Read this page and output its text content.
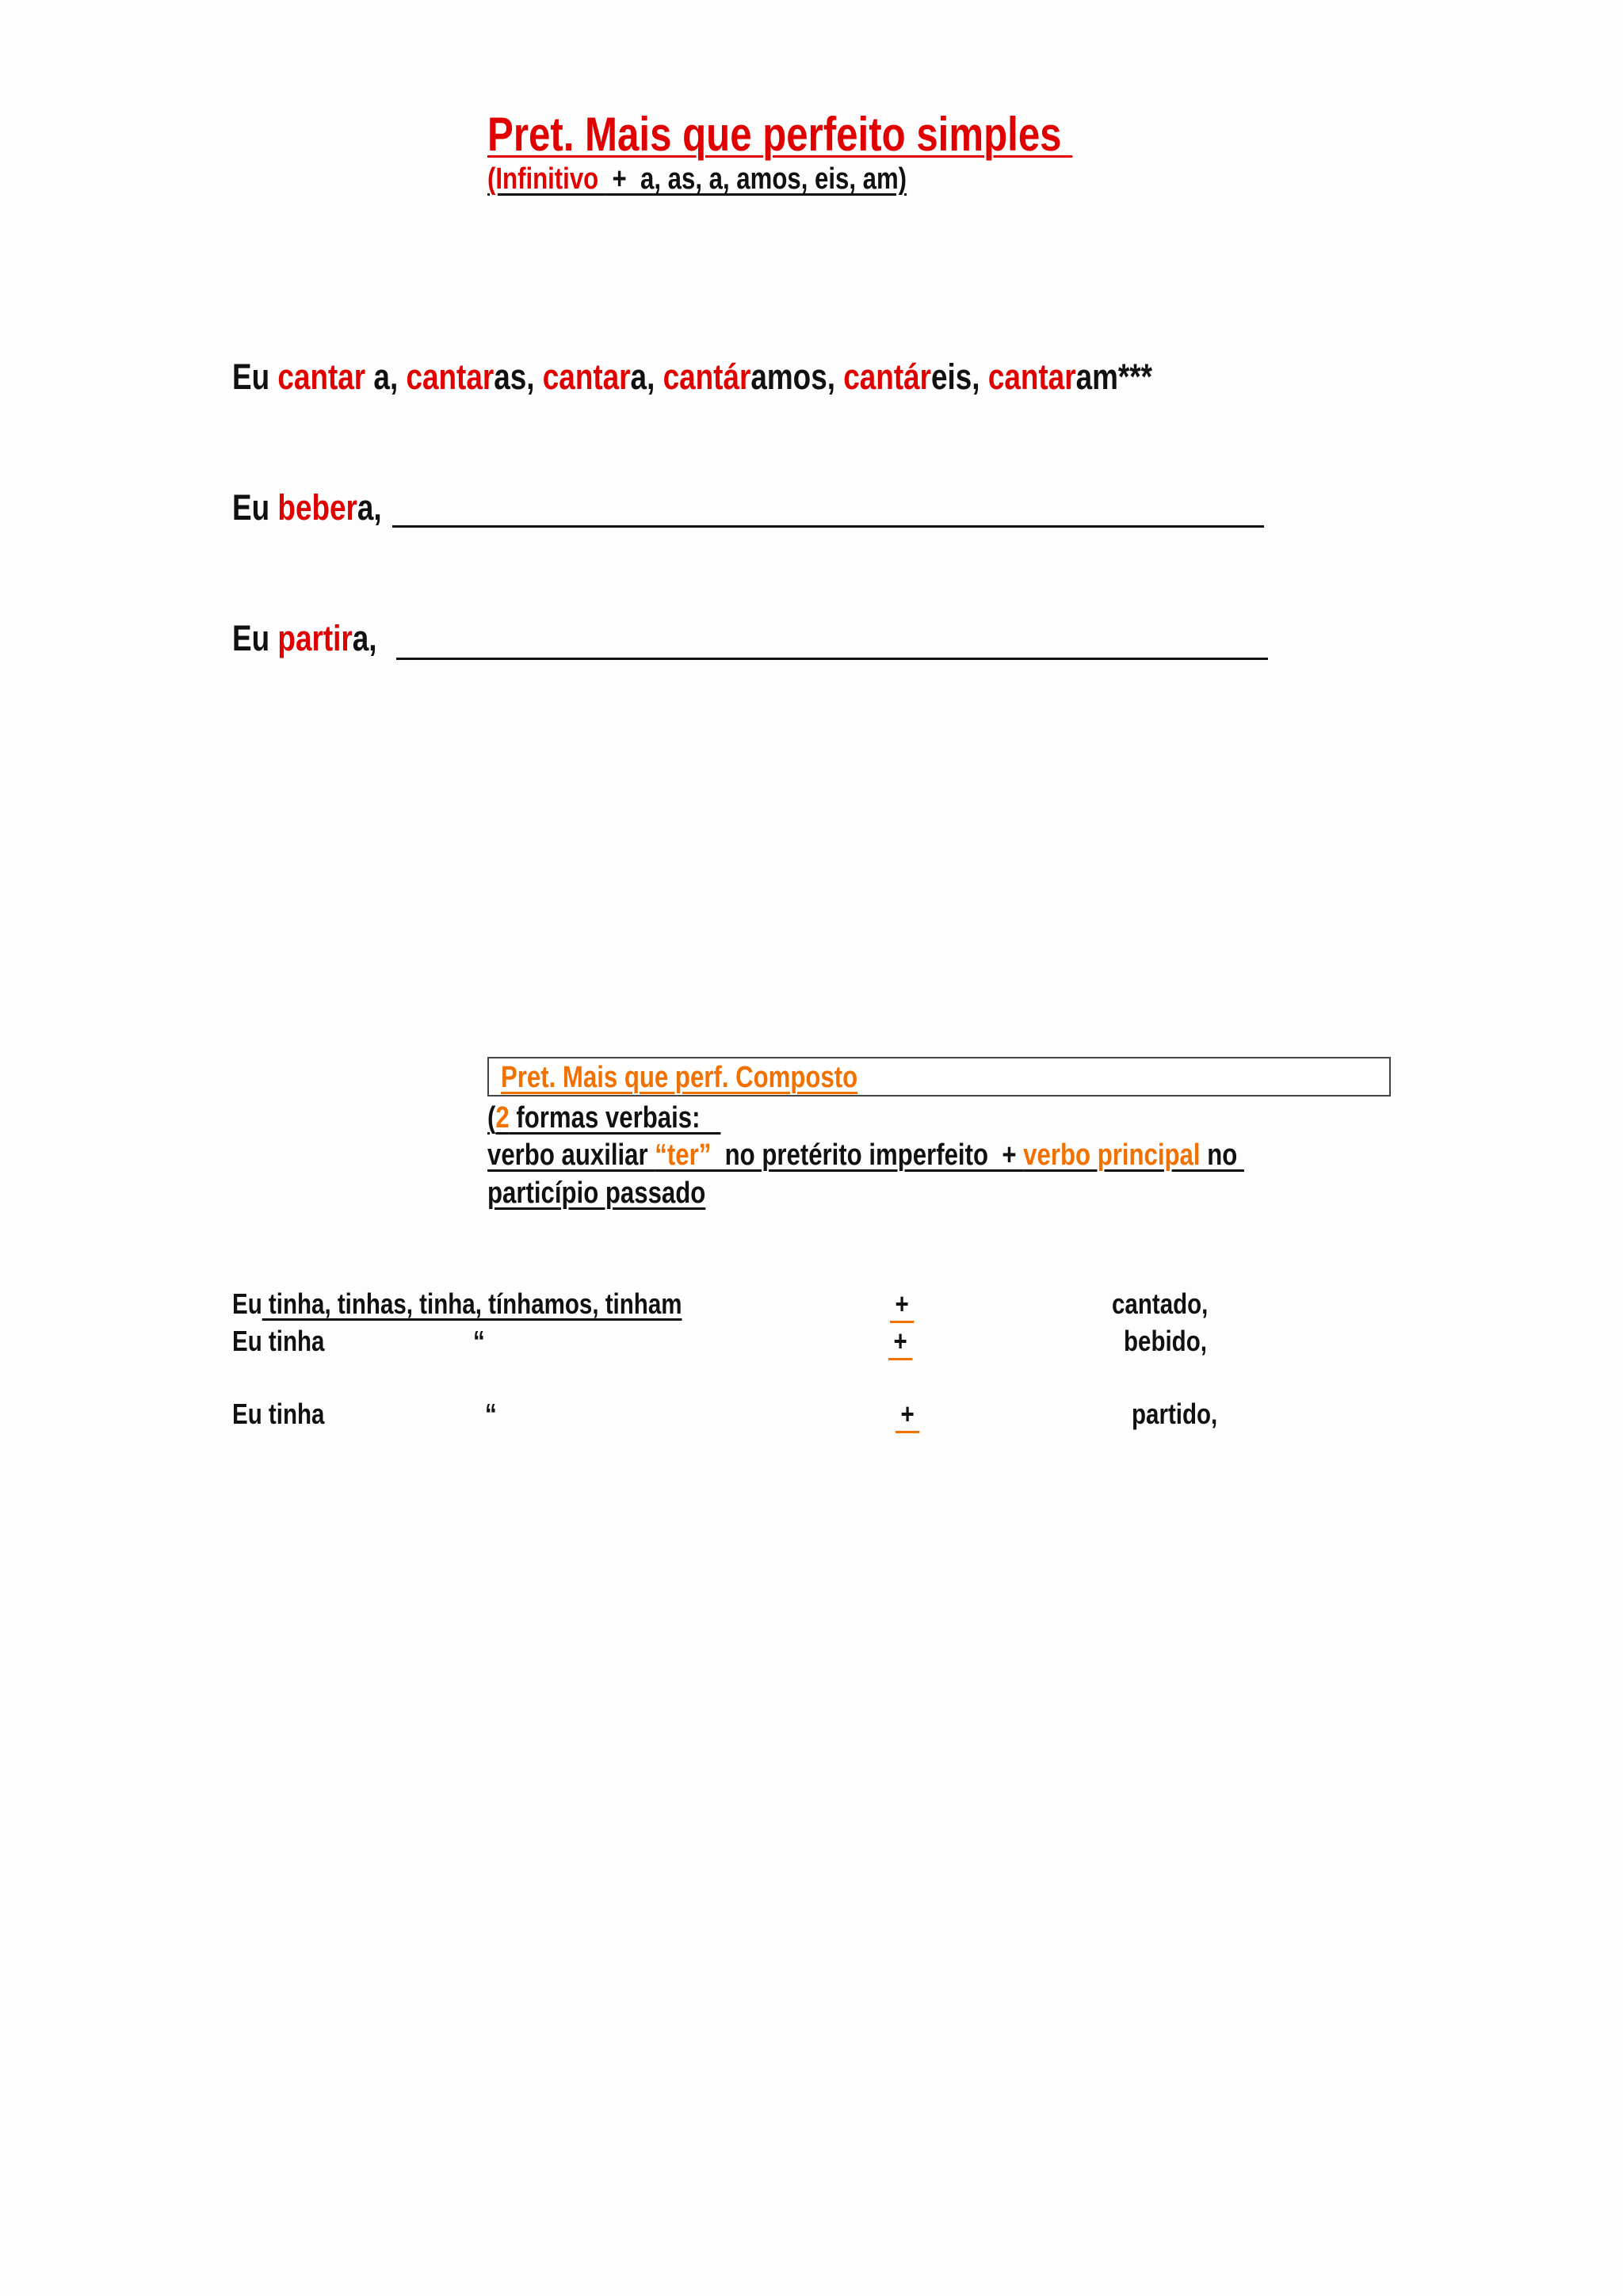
Pret. Mais que perfeito simples
(Infinitivo  +  a, as, a, amos, eis, am)
Eu cantar a, cantaras, cantara, cantáramos, cantáreis, cantaram***
Eu bebera,
Eu partira,
Pret. Mais que perf. Composto
(2 formas verbais:
verbo auxiliar “ter”  no pretérito imperfeito  + verbo principal no
particípio passado
Eu tinha, tinhas, tinha, tínhamos, tinham	+	cantado,
Eu tinha	“	+	bebido,
Eu tinha	“	+	partido,
